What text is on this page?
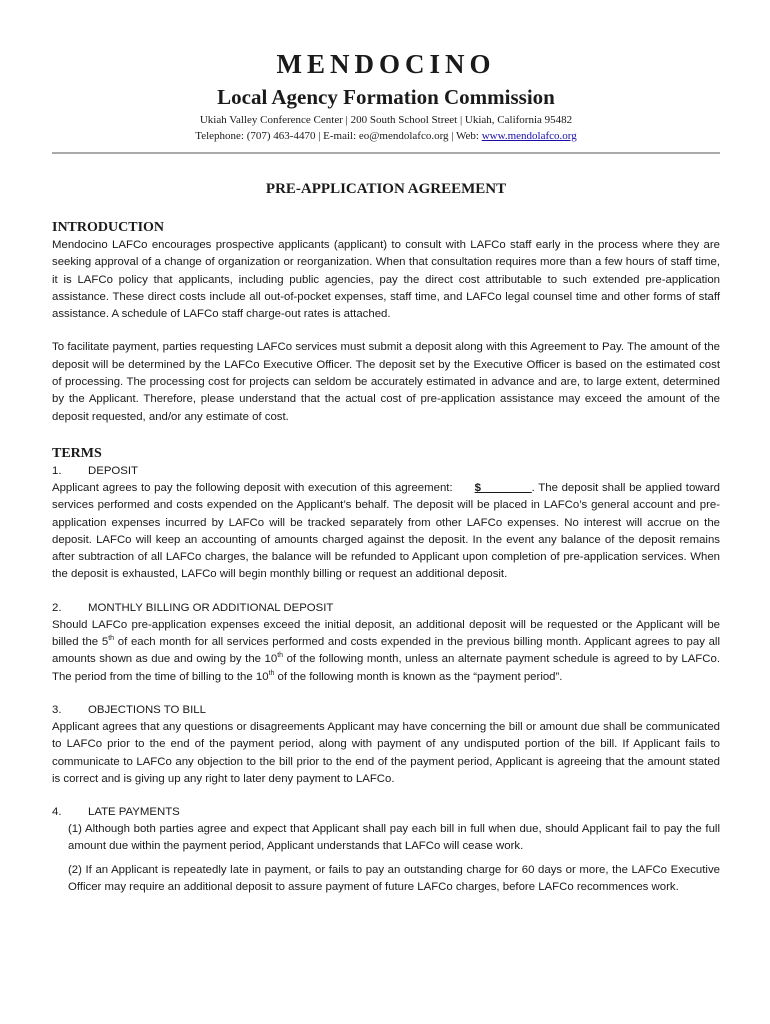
MENDOCINO
Local Agency Formation Commission
Ukiah Valley Conference Center | 200 South School Street | Ukiah, California 95482
Telephone: (707) 463-4470 | E-mail: eo@mendolafco.org | Web: www.mendolafco.org
PRE-APPLICATION AGREEMENT
INTRODUCTION

Mendocino LAFCo encourages prospective applicants (applicant) to consult with LAFCo staff early in the process where they are seeking approval of a change of organization or reorganization. When that consultation requires more than a few hours of staff time, it is LAFCo policy that applicants, including public agencies, pay the direct cost attributable to such extended pre-application assistance. These direct costs include all out-of-pocket expenses, staff time, and LAFCo legal counsel time and other forms of staff assistance. A schedule of LAFCo staff charge-out rates is attached.

To facilitate payment, parties requesting LAFCo services must submit a deposit along with this Agreement to Pay. The amount of the deposit will be determined by the LAFCo Executive Officer. The deposit set by the Executive Officer is based on the estimated cost of processing. The processing cost for projects can seldom be accurately estimated in advance and are, to large extent, determined by the Applicant. Therefore, please understand that the actual cost of pre-application assistance may exceed the amount of the deposit requested, and/or any estimate of cost.

TERMS
1. DEPOSIT

Applicant agrees to pay the following deposit with execution of this agreement: $________. The deposit shall be applied toward services performed and costs expended on the Applicant’s behalf. The deposit will be placed in LAFCo’s general account and pre-application expenses incurred by LAFCo will be tracked separately from other LAFCo expenses. No interest will accrue on the deposit. LAFCo will keep an accounting of amounts charged against the deposit. In the event any balance of the deposit remains after subtraction of all LAFCo charges, the balance will be refunded to Applicant upon completion of pre-application services. When the deposit is exhausted, LAFCo will begin monthly billing or request an additional deposit.

2. MONTHLY BILLING OR ADDITIONAL DEPOSIT

Should LAFCo pre-application expenses exceed the initial deposit, an additional deposit will be requested or the Applicant will be billed the 5th of each month for all services performed and costs expended in the previous billing month. Applicant agrees to pay all amounts shown as due and owing by the 10th of the following month, unless an alternate payment schedule is agreed to by LAFCo. The period from the time of billing to the 10th of the following month is known as the “payment period”.

3. OBJECTIONS TO BILL

Applicant agrees that any questions or disagreements Applicant may have concerning the bill or amount due shall be communicated to LAFCo prior to the end of the payment period, along with payment of any undisputed portion of the bill. If Applicant fails to communicate to LAFCo any objection to the bill prior to the end of the payment period, Applicant is agreeing that the amount stated is correct and is giving up any right to later deny payment to LAFCo.

4. LATE PAYMENTS

(1) Although both parties agree and expect that Applicant shall pay each bill in full when due, should Applicant fail to pay the full amount due within the payment period, Applicant understands that LAFCo will cease work.

(2) If an Applicant is repeatedly late in payment, or fails to pay an outstanding charge for 60 days or more, the LAFCo Executive Officer may require an additional deposit to assure payment of future LAFCo charges, before LAFCo recommences work.
